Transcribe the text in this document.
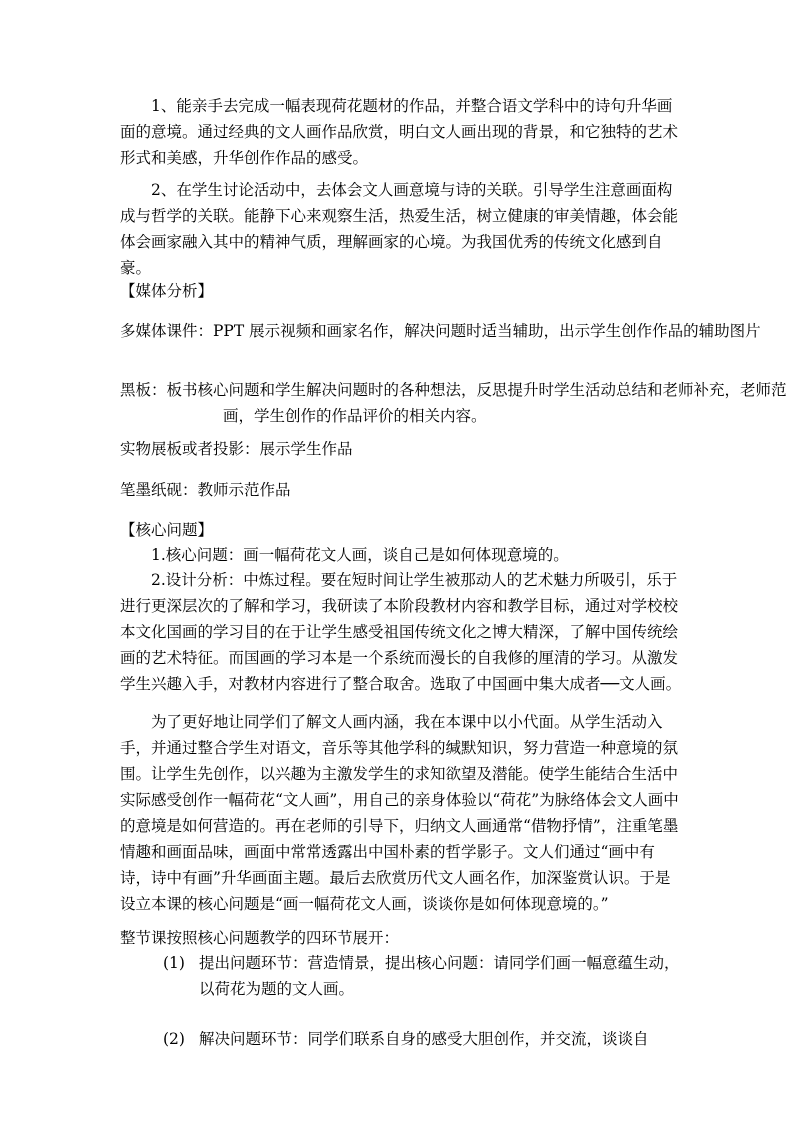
1、能亲手去完成一幅表现荷花题材的作品，并整合语文学科中的诗句升华画面的意境。通过经典的文人画作品欣赏，明白文人画出现的背景，和它独特的艺术形式和美感，升华创作作品的感受。

2、在学生讨论活动中，去体会文人画意境与诗的关联。引导学生注意画面构成与哲学的关联。能静下心来观察生活，热爱生活，树立健康的审美情趣，体会能体会画家融入其中的精神气质，理解画家的心境。为我国优秀的传统文化感到自豪。

【媒体分析】

多媒体课件：PPT 展示视频和画家名作，解决问题时适当辅助，出示学生创作作品的辅助图片

黑板：板书核心问题和学生解决问题时的各种想法，反思提升时学生活动总结和老师补充，老师范画，学生创作的作品评价的相关内容。

实物展板或者投影：展示学生作品

笔墨纸砚：教师示范作品

【核心问题】

1.核心问题：画一幅荷花文人画，谈自己是如何体现意境的。

2.设计分析：中炼过程。要在短时间让学生被那动人的艺术魅力所吸引，乐于进行更深层次的了解和学习，我研读了本阶段教材内容和教学目标，通过对学校校本文化国画的学习目的在于让学生感受祖国传统文化之博大精深，了解中国传统绘画的艺术特征。而国画的学习本是一个系统而漫长的自我修的厘清的学习。从激发学生兴趣入手，对教材内容进行了整合取舍。选取了中国画中集大成者──文人画。

为了更好地让同学们了解文人画内涵，我在本课中以小代面。从学生活动入手，并通过整合学生对语文，音乐等其他学科的缄默知识，努力营造一种意境的氛围。让学生先创作，以兴趣为主激发学生的求知欲望及潜能。使学生能结合生活中实际感受创作一幅荷花“文人画”，用自己的亲身体验以“荷花”为脉络体会文人画中的意境是如何营造的。再在老师的引导下，归纳文人画通常“借物抒情”，注重笔墨情趣和画面品味，画面中常常透露出中国朴素的哲学影子。文人们通过“画中有诗，诗中有画”升华画面主题。最后去欣赏历代文人画名作，加深鉴赏认识。于是设立本课的核心问题是“画一幅荷花文人画，谈谈你是如何体现意境的。”

整节课按照核心问题教学的四环节展开：

(1) 提出问题环节：营造情景，提出核心问题：请同学们画一幅意蕴生动，以荷花为题的文人画。
(2) 解决问题环节：同学们联系自身的感受大胆创作，并交流，谈谈自
